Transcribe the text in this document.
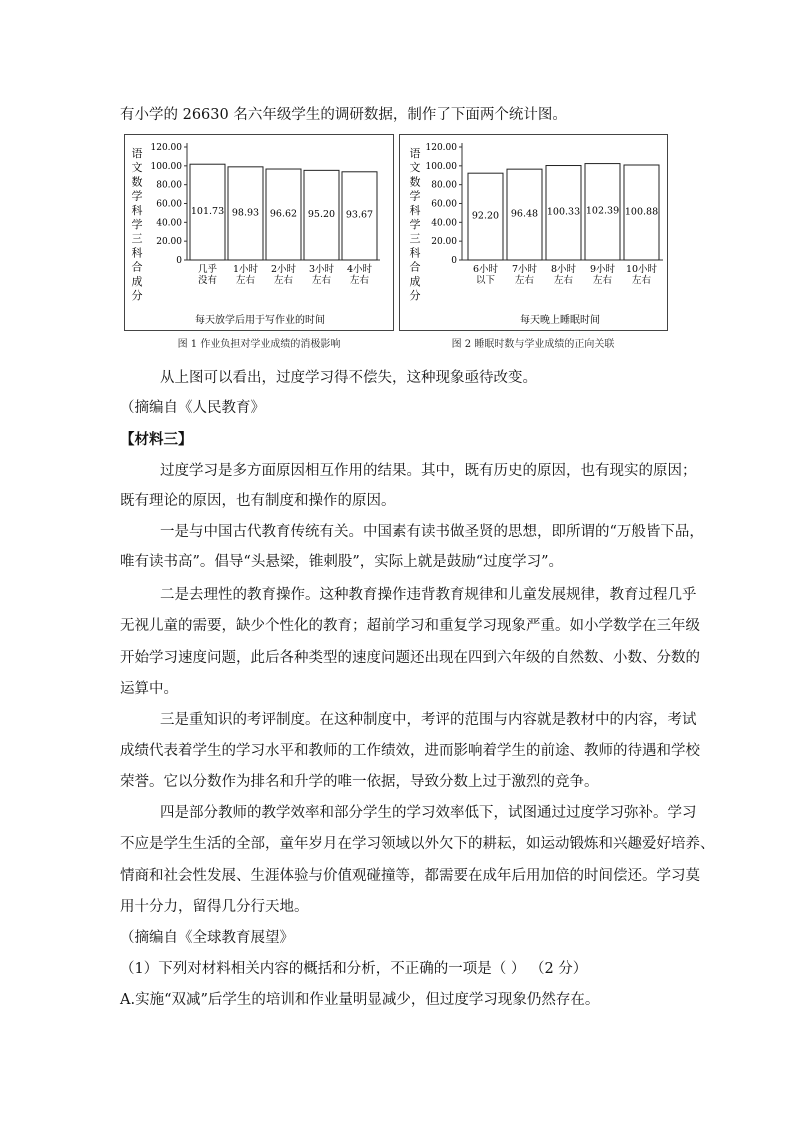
有小学的 26630 名六年级学生的调研数据，制作了下面两个统计图。
语
文
数
学
科
学
三
科
合
成
分
120.00
100.00
80.00
60.00
40.00
20.00
0
101.73
几乎
没有
98.93
1小时
左右
96.62
2小时
左右
95.20
3小时
左右
93.67
4小时
左右
每天放学后用于写作业的时间
图 1 作业负担对学业成绩的消极影响
语
文
数
学
科
学
三
科
合
成
分
120.00
100.00
80.00
60.00
40.00
20.00
0
92.20
6小时
以下
96.48
7小时
左右
100.33
8小时
左右
102.39
9小时
左右
100.88
10小时
左右
每天晚上睡眠时间
图 2 睡眠时数与学业成绩的正向关联
从上图可以看出，过度学习得不偿失，这种现象亟待改变。
（摘编自《人民教育》
【材料三】
过度学习是多方面原因相互作用的结果。其中，既有历史的原因，也有现实的原因；
既有理论的原因，也有制度和操作的原因。
一是与中国古代教育传统有关。中国素有读书做圣贤的思想，即所谓的“万般皆下品，
唯有读书高”。倡导“头悬梁，锥刺股”，实际上就是鼓励“过度学习”。
二是去理性的教育操作。这种教育操作违背教育规律和儿童发展规律，教育过程几乎
无视儿童的需要，缺少个性化的教育；超前学习和重复学习现象严重。如小学数学在三年级
开始学习速度问题，此后各种类型的速度问题还出现在四到六年级的自然数、小数、分数的
运算中。
三是重知识的考评制度。在这种制度中，考评的范围与内容就是教材中的内容，考试
成绩代表着学生的学习水平和教师的工作绩效，进而影响着学生的前途、教师的待遇和学校
荣誉。它以分数作为排名和升学的唯一依据，导致分数上过于激烈的竞争。
四是部分教师的教学效率和部分学生的学习效率低下，试图通过过度学习弥补。学习
不应是学生生活的全部，童年岁月在学习领域以外欠下的耕耘，如运动锻炼和兴趣爱好培养、
情商和社会性发展、生涯体验与价值观碰撞等，都需要在成年后用加倍的时间偿还。学习莫
用十分力，留得几分行天地。
（摘编自《全球教育展望》
（1）下列对材料相关内容的概括和分析，不正确的一项是（ ） （2 分）
A.实施“双减”后学生的培训和作业量明显减少，但过度学习现象仍然存在。
